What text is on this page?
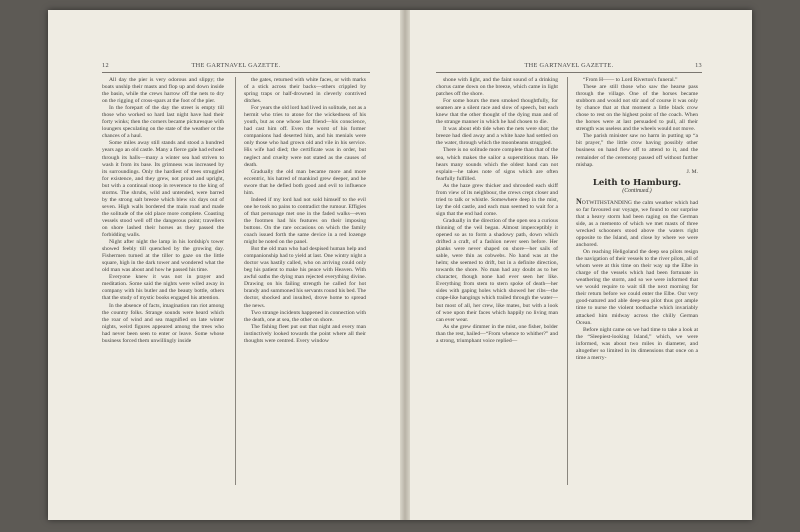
12	THE GARTNAVEL GAZETTE.

All day the pier is very odorous and slippy; the boats unship their masts and flop up and down inside the basin, while the crews harrow off the nets to dry on the rigging of cross-spars at the foot of the pier.

In the forepart of the day the street is empty till those who worked so hard last night have had their forty winks; then the corners became picturesque with loungers speculating on the state of the weather or the chances of a haul.

Some miles away still stands and stood a hundred years ago an old castle. Many a fierce gale had echoed through its halls—many a winter sea had striven to wash it from its base. Its grimness was increased by its surroundings. Only the hardiest of trees struggled for existence, and they grew, not proud and upright, but with a continual stoop in reverence to the king of storms. The shrubs, wild and untended, were barred by the strong salt breeze which blew six days out of seven. High walls bordered the main road and made the solitude of the old place more complete. Coasting vessels stood well off the dangerous point; travellers on shore lashed their horses as they passed the forbidding walls.

Night after night the lamp in his lordship's tower showed feebly till quenched by the growing day. Fishermen turned at the tiller to gaze on the little square, high in the dark tower and wondered what the old man was about and how he passed his time.

Everyone knew it was not in prayer and meditation. Some said the nights were wiled away in company with his butler and the beauty bottle, others that the study of mystic books engaged his attention.

In the absence of facts, imagination ran riot among the country folks. Strange sounds were heard which the roar of wind and sea magnified on late winter nights, weird figures appeared among the trees who had never been seen to enter or leave. Some whose business forced them unwillingly inside

the gates, returned with white faces, or with marks of a stick across their backs—others crippled by spring traps or half-drowned in cleverly contrived ditches.

For years the old lord had lived in solitude, not as a hermit who tries to atone for the wickedness of his youth, but as one whose last friend—his conscience, had cast him off. Even the worst of his former companions had deserted him, and his menials were only those who had grown old and vile in his service. His wife had died; the certificate was in order, but neglect and cruelty were not stated as the causes of death.

Gradually the old man became more and more eccentric, his hatred of mankind grew deeper, and he swore that he defied both good and evil to influence him.

Indeed if my lord had not sold himself to the evil one he took no pains to contradict the rumour. Effigies of that personage met one in the faded walks—even the footmen had his features on their imposing buttons. On the rare occasions on which the family coach issued forth the same device in a red lozenge might be noted on the panel.

But the old man who had despised human help and companionship had to yield at last. One wintry night a doctor was hastily called, who on arriving could only beg his patient to make his peace with Heaven. With awful oaths the dying man rejected everything divine. Drawing on his failing strength he called for hot brandy and summoned his servants round his bed. The doctor, shocked and insulted, drove home to spread the news.

Two strange incidents happened in connection with the death, one at sea, the other on shore.

The fishing fleet put out that night and every man instinctively looked towards the point where all their thoughts were centred. Every window

THE GARTNAVEL GAZETTE.	13

shone with light, and the faint sound of a drinking chorus came down on the breeze, which came in light patches off the shore.

For some hours the men smoked thoughtfully, for seamen are a silent race and slow of speech, but each knew that the other thought of the dying man and of the strange manner in which he had chosen to die.

It was about ebb tide when the nets were shot; the breeze had died away and a white haze had settled on the water, through which the moonbeams struggled.

There is no solitude more complete than that of the sea, which makes the sailor a superstitious man. He hears many sounds which the oldest hand can not explain—he takes note of signs which are often fearfully fulfilled.

As the haze grew thicker and shrouded each skiff from view of its neighbour, the crews crept closer and tried to talk or whistle. Somewhere deep in the mist, lay the old castle, and each man seemed to wait for a sign that the end had come.

Gradually in the direction of the open sea a curious thinning of the veil began. Almost imperceptibly it opened so as to form a shadowy path, down which drifted a craft, of a fashion never seen before. Her planks were never shaped on shore—her sails of sable, were thin as cobwebs. No hand was at the helm; she seemed to drift, but in a definite direction, towards the shore. No man had any doubt as to her character, though none had ever seen her like. Everything from stem to stern spoke of death—her sides with gaping holes which showed her ribs—the crape-like hangings which trailed through the water—but most of all, her crew, like mates, but with a look of woe upon their faces which happily no living man can ever wear.

As she grew dimmer in the mist, one fisher, bolder than the rest, hailed—“From whence to whither?” and a strong, triumphant voice replied—

“From H—— to Lord Riverton's funeral.”

These are still those who saw the hearse pass through the village. One of the horses became stubborn and would not stir and of course it was only by chance that at that moment a little black crow chose to rest on the highest point of the coach. When the horses were at last persuaded to pull, all their strength was useless and the wheels would not move.

The parish minister saw no harm in putting up “a bit prayer,” the little crow having possibly other business on hand flew off to attend to it, and the remainder of the ceremony passed off without further mishap.

J. M.

Leith to Hamburg.
(Continued.)

NOTWITHSTANDING the calm weather which had so far favoured our voyage, we found to our surprise that a heavy storm had been raging on the German side, as a memento of which we met masts of three wrecked schooners stood above the waters right opposite to the Island, and close by where we were anchored.

On reaching Heligoland the deep sea pilots resign the navigation of their vessels to the river pilots, all of whom were at this time on their way up the Elbe in charge of the vessels which had been fortunate in weathering the storm, and so we were informed that we would require to wait till the next morning for their return before we could enter the Elbe. Our very good-natured and able deep-sea pilot thus got ample time to nurse the violent toothache which invariably attacked him midway across the chilly German Ocean.

Before night came on we had time to take a look at the “Sleepiest-looking Island,” which, we were informed, was about two miles in diameter, and altogether so limited in its dimensions that once on a time a merry-
